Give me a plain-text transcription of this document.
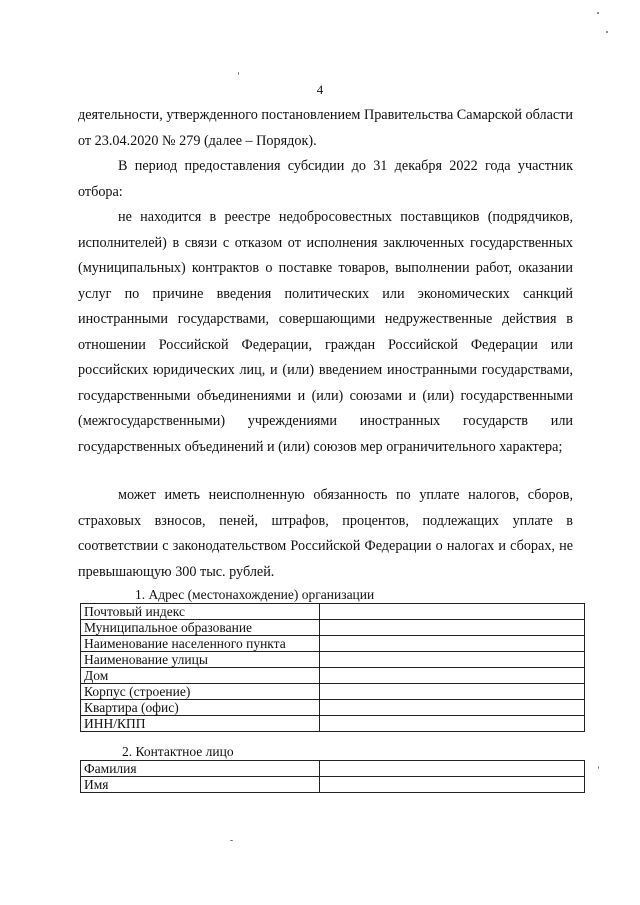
4
деятельности, утвержденного постановлением Правительства Самарской области от 23.04.2020 № 279 (далее – Порядок).
В период предоставления субсидии до 31 декабря 2022 года участник отбора:
не находится в реестре недобросовестных поставщиков (подрядчиков, исполнителей) в связи с отказом от исполнения заключенных государственных (муниципальных) контрактов о поставке товаров, выполнении работ, оказании услуг по причине введения политических или экономических санкций иностранными государствами, совершающими недружественные действия в отношении Российской Федерации, граждан Российской Федерации или российских юридических лиц, и (или) введением иностранными государствами, государственными объединениями и (или) союзами и (или) государственными (межгосударственными) учреждениями иностранных государств или государственных объединений и (или) союзов мер ограничительного характера;
может иметь неисполненную обязанность по уплате налогов, сборов, страховых взносов, пеней, штрафов, процентов, подлежащих уплате в соответствии с законодательством Российской Федерации о налогах и сборах, не превышающую 300 тыс. рублей.
1. Адрес (местонахождение) организации
Почтовый индекс	
Муниципальное образование	
Наименование населенного пункта	
Наименование улицы	
Дом	
Корпус (строение)	
Квартира (офис)	
ИНН/КПП	
2. Контактное лицо
Фамилия	
Имя	
